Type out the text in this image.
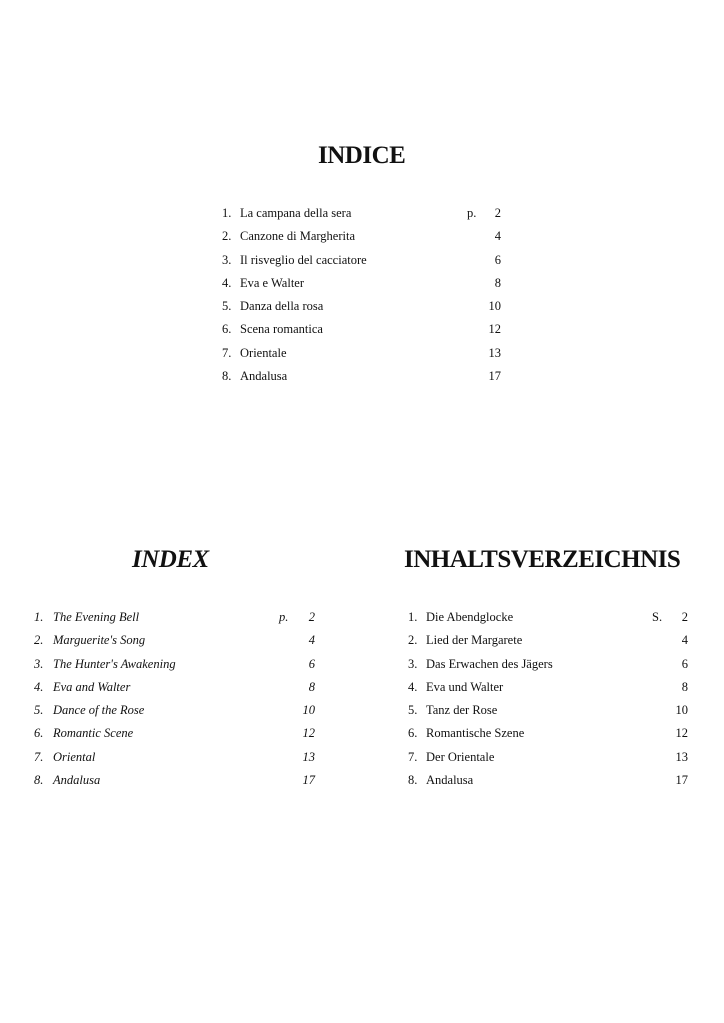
INDICE
1. La campana della sera	p. 2
2. Canzone di Margherita	4
3. Il risveglio del cacciatore	6
4. Eva e Walter	8
5. Danza della rosa	10
6. Scena romantica	12
7. Orientale	13
8. Andalusa	17
INDEX
1. The Evening Bell	p. 2
2. Marguerite's Song	4
3. The Hunter's Awakening	6
4. Eva and Walter	8
5. Dance of the Rose	10
6. Romantic Scene	12
7. Oriental	13
8. Andalusa	17
INHALTSVERZEICHNIS
1. Die Abendglocke	S. 2
2. Lied der Margarete	4
3. Das Erwachen des Jägers	6
4. Eva und Walter	8
5. Tanz der Rose	10
6. Romantische Szene	12
7. Der Orientale	13
8. Andalusa	17
